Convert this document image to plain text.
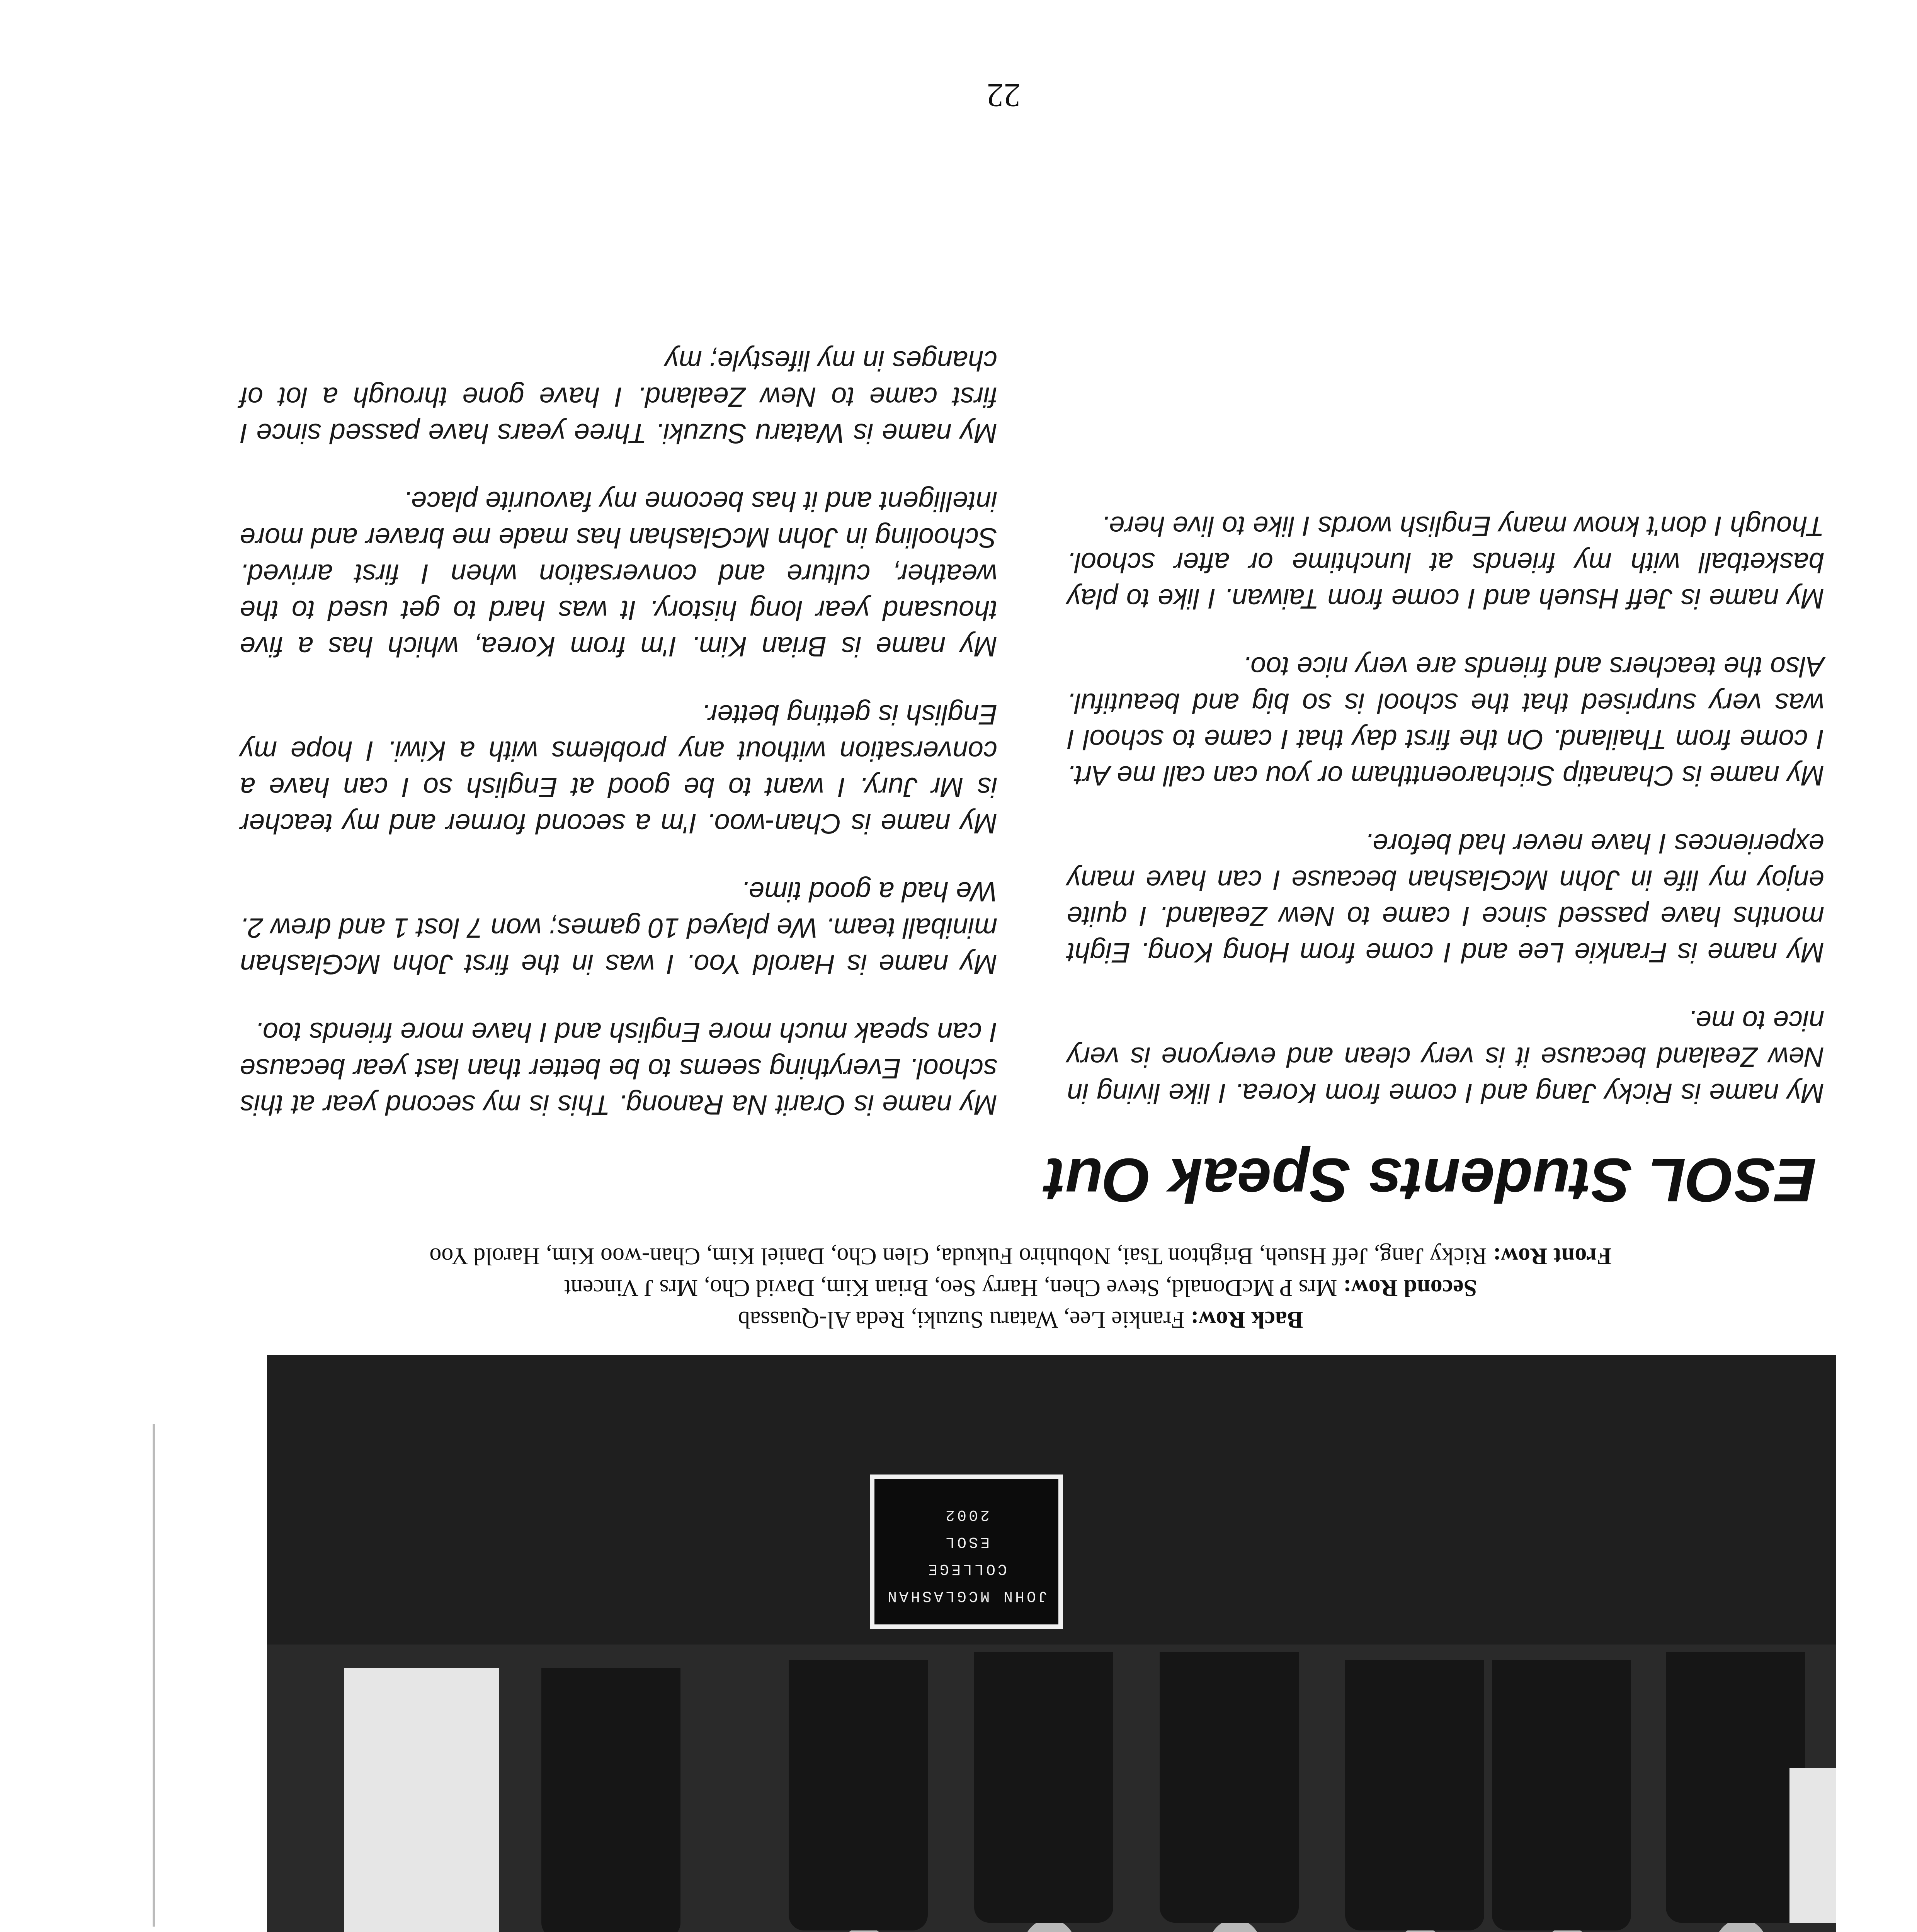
JOHN MCGLASHAN
COLLEGE
ESOL
2002

Back Row: Frankie Lee, Wataru Suzuki, Reda Al-Quassab

Second Row: Mrs P McDonald, Steve Chen, Harry Seo, Brian Kim, David Cho, Mrs J Vincent

Front Row: Ricky Jang, Jeff Hsueh, Brighton Tsai, Nobuhiro Fukuda, Glen Cho, Daniel Kim, Chan-woo Kim, Harold Yoo

ESOL Students Speak Out

My name is Ricky Jang and I come from Korea. I like living in New Zealand because it is very clean and everyone is very nice to me.

My name is Frankie Lee and I come from Hong Kong. Eight months have passed since I came to New Zealand. I quite enjoy my life in John McGlashan because I can have many experiences I have never had before.

My name is Chanatip Sricharoenttham or you can call me Art. I come from Thailand. On the first day that I came to school I was very surprised that the school is so big and beautiful. Also the teachers and friends are very nice too.

My name is Jeff Hsueh and I come from Taiwan. I like to play basketball with my friends at lunchtime or after school. Though I don't know many English words I like to live here.

My name is Orarit Na Ranong. This is my second year at this school. Everything seems to be better than last year because I can speak much more English and I have more friends too.

My name is Harold Yoo. I was in the first John McGlashan miniball team. We played 10 games; won 7 lost 1 and drew 2. We had a good time.

My name is Chan-woo. I'm a second former and my teacher is Mr Jury. I want to be good at English so I can have a conversation without any problems with a Kiwi. I hope my English is getting better.

My name is Brian Kim. I'm from Korea, which has a five thousand year long history. It was hard to get used to the weather, culture and conversation when I first arrived. Schooling in John McGlashan has made me braver and more intelligent and it has become my favourite place.

My name is Wataru Suzuki. Three years have passed since I first came to New Zealand. I have gone through a lot of changes in my lifestyle; my

22
